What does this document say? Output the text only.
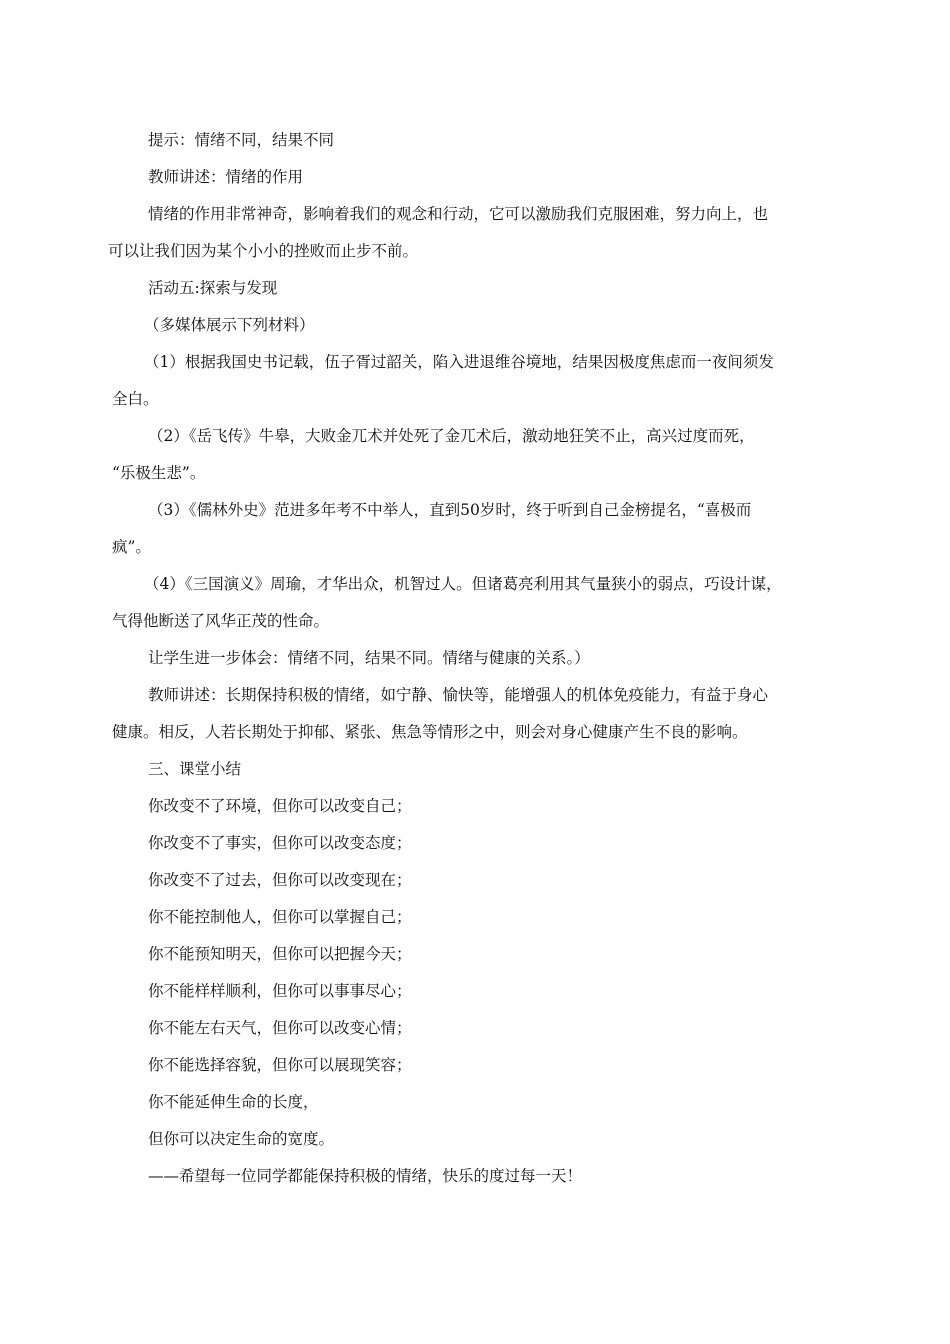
提示：情绪不同，结果不同

教师讲述：情绪的作用

情绪的作用非常神奇，影响着我们的观念和行动，它可以激励我们克服困难，努力向上，也

可以让我们因为某个小小的挫败而止步不前。

活动五:探索与发现

（多媒体展示下列材料）

（1）根据我国史书记载，伍子胥过韶关，陷入进退维谷境地，结果因极度焦虑而一夜间须发

全白。

（2）《岳飞传》牛皋，大败金兀术并处死了金兀术后，激动地狂笑不止，高兴过度而死，

“乐极生悲”。

（3）《儒林外史》范进多年考不中举人，直到50岁时，终于听到自己金榜提名，“喜极而

疯”。

（4）《三国演义》周瑜，才华出众，机智过人。但诸葛亮利用其气量狭小的弱点，巧设计谋，

气得他断送了风华正茂的性命。

让学生进一步体会：情绪不同，结果不同。情绪与健康的关系。）

教师讲述：长期保持积极的情绪，如宁静、愉快等，能增强人的机体免疫能力，有益于身心

健康。相反，人若长期处于抑郁、紧张、焦急等情形之中，则会对身心健康产生不良的影响。

三、课堂小结

你改变不了环境，但你可以改变自己；

你改变不了事实，但你可以改变态度；

你改变不了过去，但你可以改变现在；

你不能控制他人，但你可以掌握自己；

你不能预知明天，但你可以把握今天；

你不能样样顺利，但你可以事事尽心；

你不能左右天气，但你可以改变心情；

你不能选择容貌，但你可以展现笑容；

你不能延伸生命的长度，

但你可以决定生命的宽度。

——希望每一位同学都能保持积极的情绪，快乐的度过每一天！
